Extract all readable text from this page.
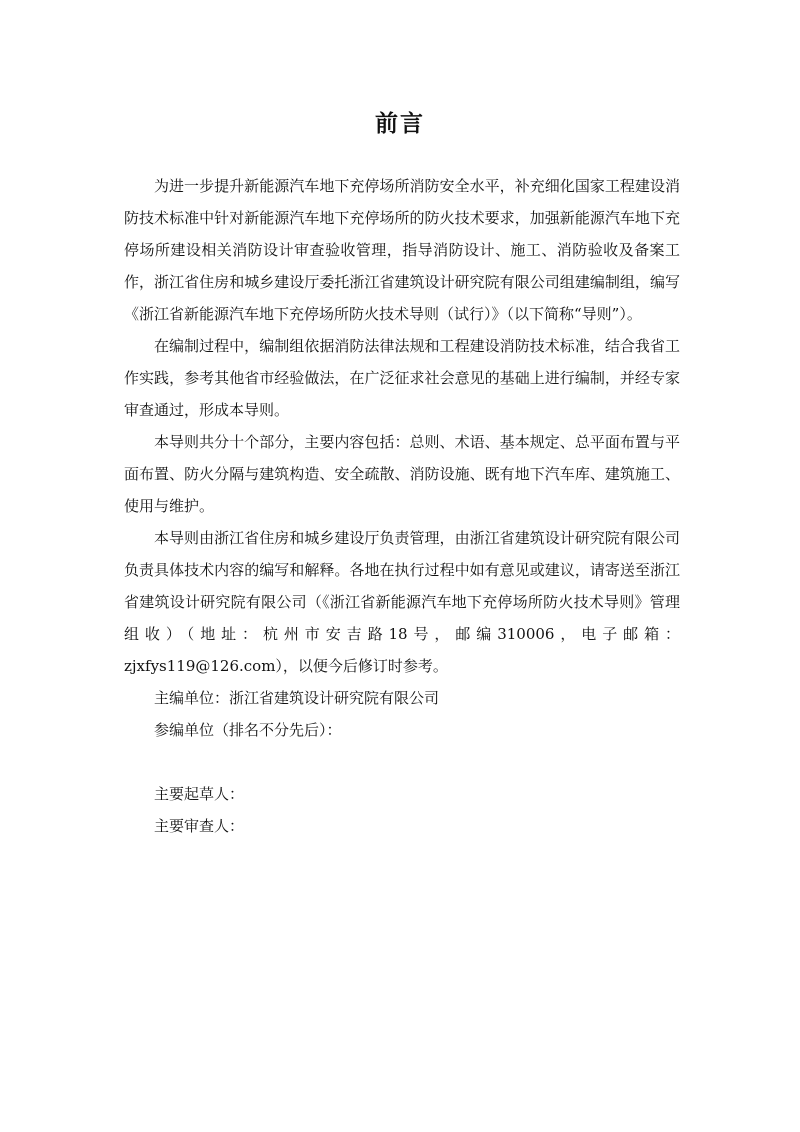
前言

为进一步提升新能源汽车地下充停场所消防安全水平，补充细化国家工程建设消防技术标准中针对新能源汽车地下充停场所的防火技术要求，加强新能源汽车地下充停场所建设相关消防设计审查验收管理，指导消防设计、施工、消防验收及备案工作，浙江省住房和城乡建设厅委托浙江省建筑设计研究院有限公司组建编制组，编写《浙江省新能源汽车地下充停场所防火技术导则（试行）》（以下简称“导则”）。

在编制过程中，编制组依据消防法律法规和工程建设消防技术标准，结合我省工作实践，参考其他省市经验做法，在广泛征求社会意见的基础上进行编制，并经专家审查通过，形成本导则。

本导则共分十个部分，主要内容包括：总则、术语、基本规定、总平面布置与平面布置、防火分隔与建筑构造、安全疏散、消防设施、既有地下汽车库、建筑施工、使用与维护。

本导则由浙江省住房和城乡建设厅负责管理，由浙江省建筑设计研究院有限公司负责具体技术内容的编写和解释。各地在执行过程中如有意见或建议，请寄送至浙江省建筑设计研究院有限公司（《浙江省新能源汽车地下充停场所防火技术导则》管理组收）（地址：杭州市安吉路18号，邮编310006，电子邮箱：zjxfys119@126.com），以便今后修订时参考。

主编单位：浙江省建筑设计研究院有限公司

参编单位（排名不分先后）：

主要起草人：

主要审查人：
